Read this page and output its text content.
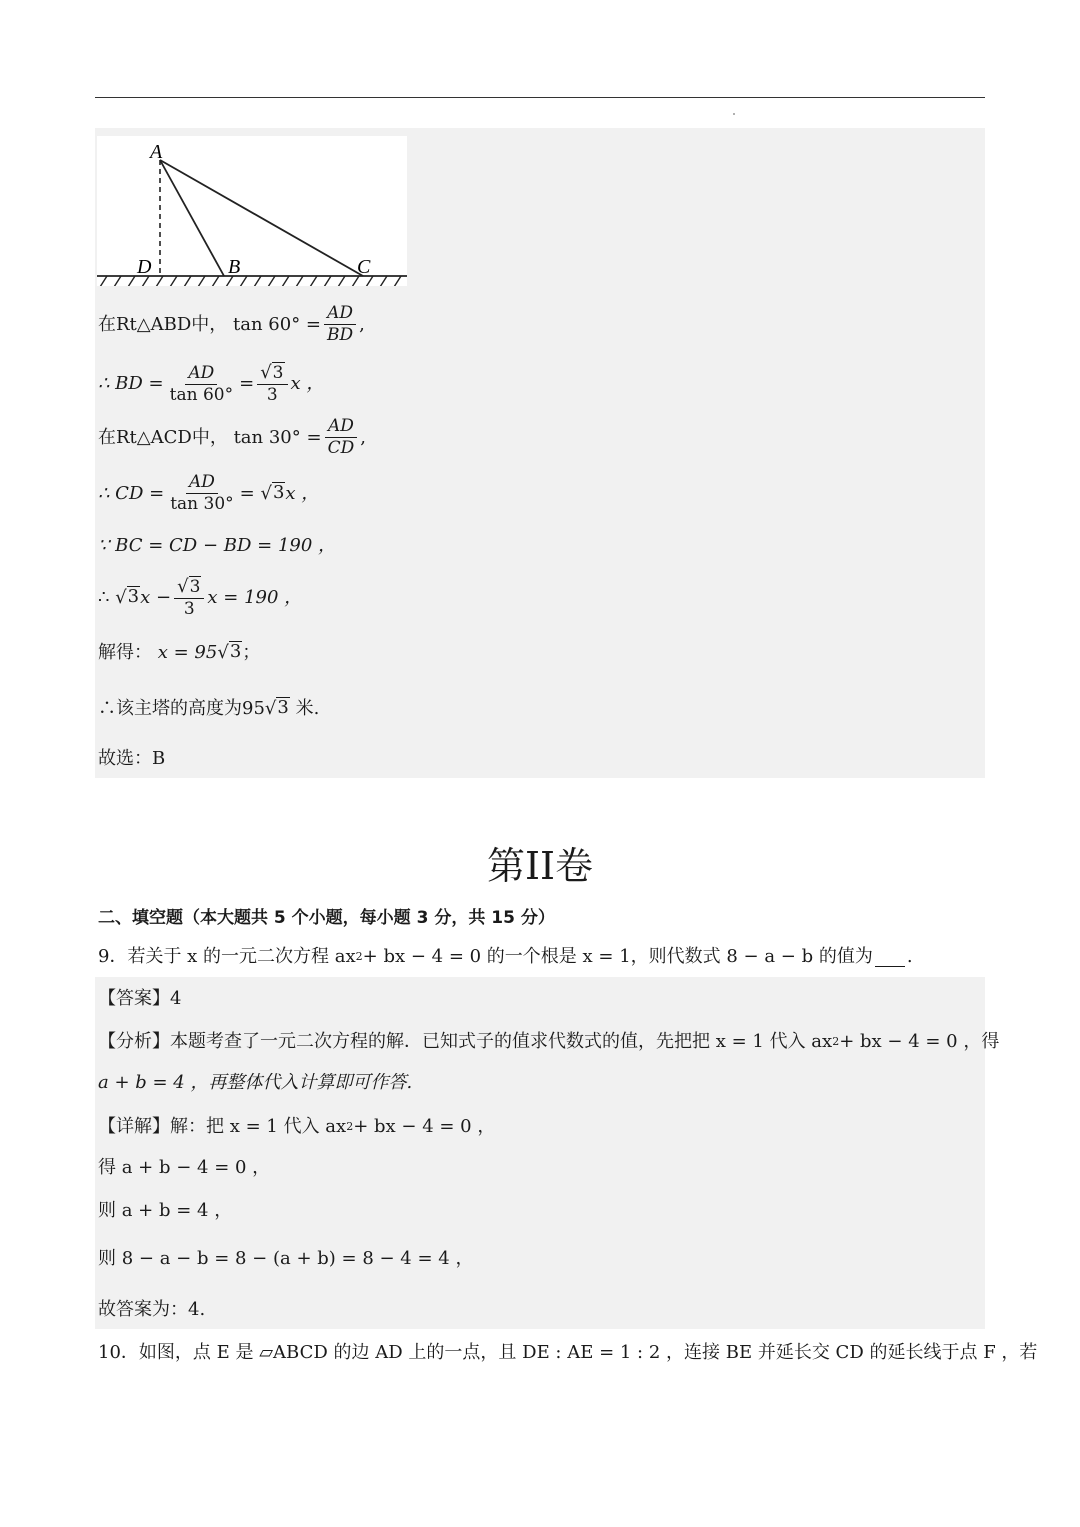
A
D	B	C
在Rt△ABD中，
$\tan 60^\circ = \frac{AD}{BD}$ ,
∴ BD = $\frac{AD}{\tan 60^\circ} = \frac{√ 3}{3}$ x ，
在Rt△ACD中，
$\tan 30^\circ = \frac{AD}{CD}$ ,
∴ CD = $\frac{AD}{\tan 30^\circ}$ =
√ 3 x ，
∵ BC = CD − BD = 190 ，
∴
√ 3 $x - \frac{√ 3}{3}$ x = 190 ，
解得：
x = 95 √ 3 ；
∴该主塔的高度为95 √ 3
米.
故选：B
第II卷
二、填空题（本大题共 5 个小题，每小题 3 分，共 15 分）
9．若关于 x 的一元二次方程 ax 2 + bx − 4 = 0 的一个根是 x = 1，则代数式 8 − a − b 的值为 .
【答案】4
【分析】本题考查了一元二次方程的解．已知式子的值求代数式的值，先把把 x = 1 代入 ax 2 + bx − 4 = 0 ，得
a + b = 4 ，再整体代入计算即可作答.
【详解】解：把 x = 1 代入 ax 2 + bx − 4 = 0 ，
得 a + b − 4 = 0 ，
则 a + b = 4 ，
则 8 − a − b = 8 − (a + b) = 8 − 4 = 4 ，
故答案为：4.
10．如图，点 E 是 ▱ABCD 的边 AD 上的一点，且 DE : AE = 1 : 2 ，连接 BE 并延长交 CD 的延长线于点 F ，若
